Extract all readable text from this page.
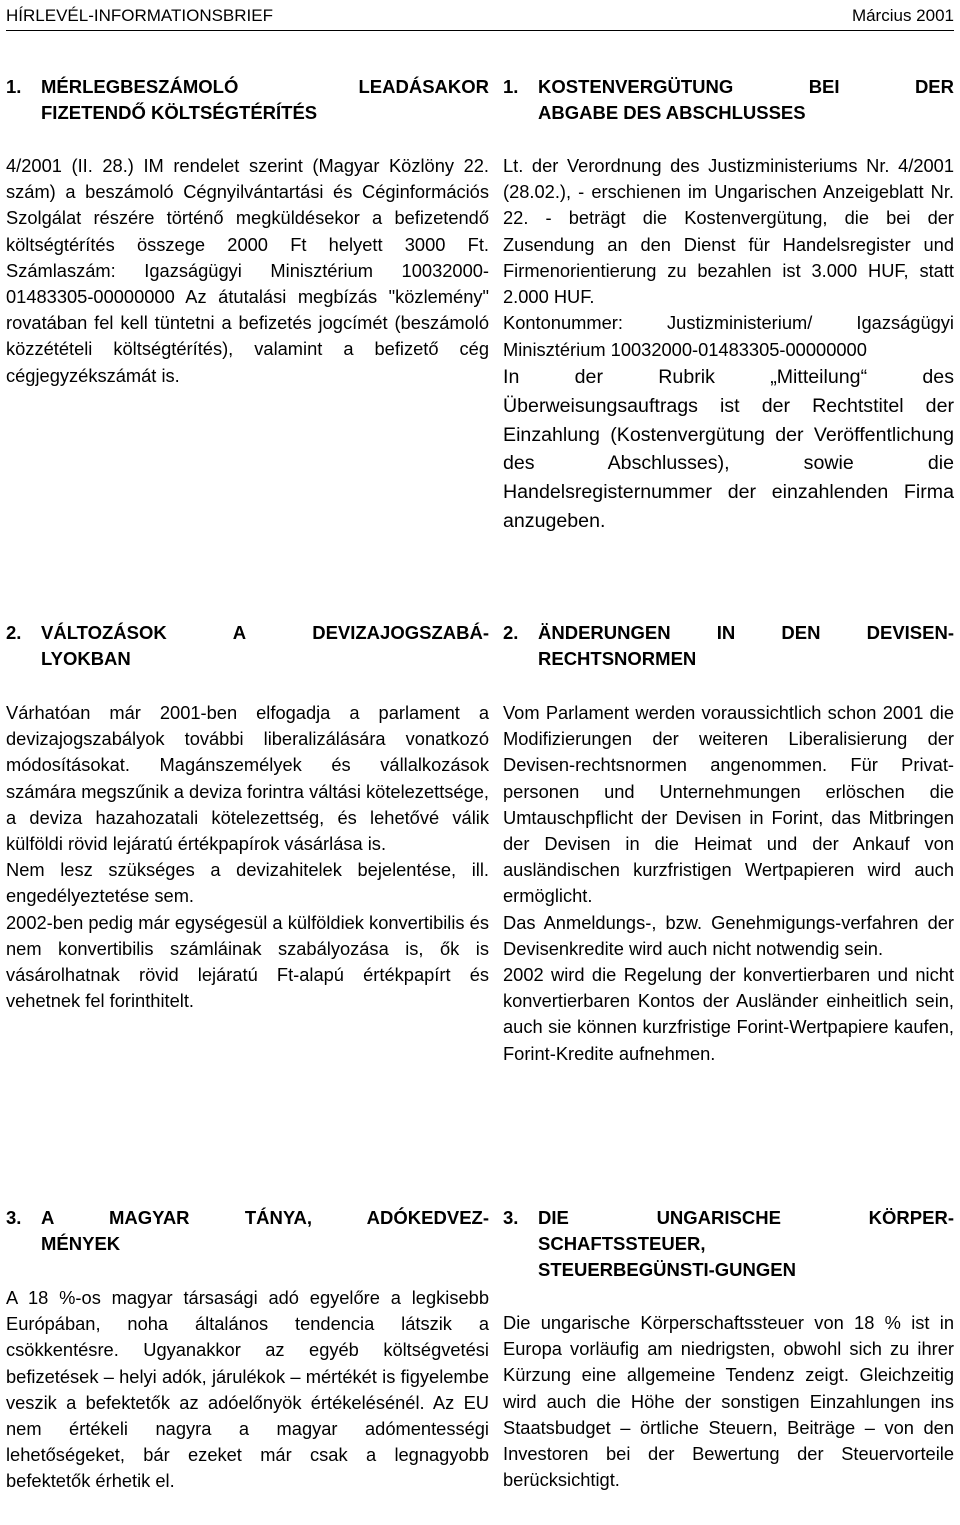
HÍRLEVÉL-INFORMATIONSBRIEF	Március 2001
1. MÉRLEGBESZÁMOLÓ LEADÁSAKOR
FIZETENDŐ KÖLTSÉGTÉRÍTÉS

4/2001 (II. 28.) IM rendelet szerint (Magyar Közlöny 22. szám) a beszámoló Cégnyilvántartási és Céginformációs Szolgálat részére történő megküldésekor a befizetendő költségtérítés összege 2000 Ft helyett 3000 Ft. Számlaszám: Igazságügyi Minisztérium 10032000-01483305-00000000 Az átutalási megbízás "közlemény" rovatában fel kell tüntetni a befizetés jogcímét (beszámoló közzétételi költségtérítés), valamint a befizető cég cégjegyzékszámát is.

2. VÁLTOZÁSOK A DEVIZAJOGSZABÁ-
LYOKBAN

Várhatóan már 2001-ben elfogadja a parlament a devizajogszabályok további liberalizálására vonatkozó módosításokat. Magánszemélyek és vállalkozások számára megszűnik a deviza forintra váltási kötelezettsége, a deviza hazahozatali kötelezettség, és lehetővé válik külföldi rövid lejáratú értékpapírok vásárlása is.

Nem lesz szükséges a devizahitelek bejelentése, ill. engedélyeztetése sem.

2002-ben pedig már egységesül a külföldiek konvertibilis és nem konvertibilis számláinak szabályozása is, ők is vásárolhatnak rövid lejáratú Ft-alapú értékpapírt és vehetnek fel forinthitelt.

3. A MAGYAR TÁNYA, ADÓKEDVEZ-
MÉNYEK

A 18 %-os magyar társasági adó egyelőre a legkisebb Európában, noha általános tendencia látszik a csökkentésre. Ugyanakkor az egyéb költségvetési befizetések – helyi adók, járulékok – mértékét is figyelembe veszik a befektetők az adóelőnyök értékelésénél. Az EU nem értékeli nagyra a magyar adómentességi lehetőségeket, bár ezeket már csak a legnagyobb befektetők érhetik el.

1. KOSTENVERGÜTUNG BEI DER
ABGABE DES ABSCHLUSSES

Lt. der Verordnung des Justizministeriums Nr. 4/2001 (28.02.), - erschienen im Ungarischen Anzeigeblatt Nr. 22. - beträgt die Kostenvergütung, die bei der Zusendung an den Dienst für Handelsregister und Firmenorientierung zu bezahlen ist 3.000 HUF, statt 2.000 HUF.

Kontonummer: Justizministerium/ Igazságügyi Minisztérium 10032000-01483305-00000000

In der Rubrik „Mitteilung“ des Überweisungsauftrags ist der Rechtstitel der Einzahlung (Kostenvergütung der Veröffentlichung des Abschlusses), sowie die Handelsregisternummer der einzahlenden Firma anzugeben.

2. ÄNDERUNGEN IN DEN DEVISEN-
RECHTSNORMEN

Vom Parlament werden voraussichtlich schon 2001 die Modifizierungen der weiteren Liberalisierung der Devisen-rechtsnormen angenommen. Für Privat-personen und Unternehmungen erlöschen die Umtauschpflicht der Devisen in Forint, das Mitbringen der Devisen in die Heimat und der Ankauf von ausländischen kurzfristigen Wertpapieren wird auch ermöglicht.

Das Anmeldungs-, bzw. Genehmigungs-verfahren der Devisenkredite wird auch nicht notwendig sein.

2002 wird die Regelung der konvertierbaren und nicht konvertierbaren Kontos der Ausländer einheitlich sein, auch sie können kurzfristige Forint-Wertpapiere kaufen, Forint-Kredite aufnehmen.

3. DIE UNGARISCHE KÖRPER-
SCHAFTSSTEUER,
STEUERBEGÜNSTI-GUNGEN

Die ungarische Körperschaftssteuer von 18 % ist in Europa vorläufig am niedrigsten, obwohl sich zu ihrer Kürzung eine allgemeine Tendenz zeigt. Gleichzeitig wird auch die Höhe der sonstigen Einzahlungen ins Staatsbudget – örtliche Steuern, Beiträge – von den Investoren bei der Bewertung der Steuervorteile berücksichtigt.
